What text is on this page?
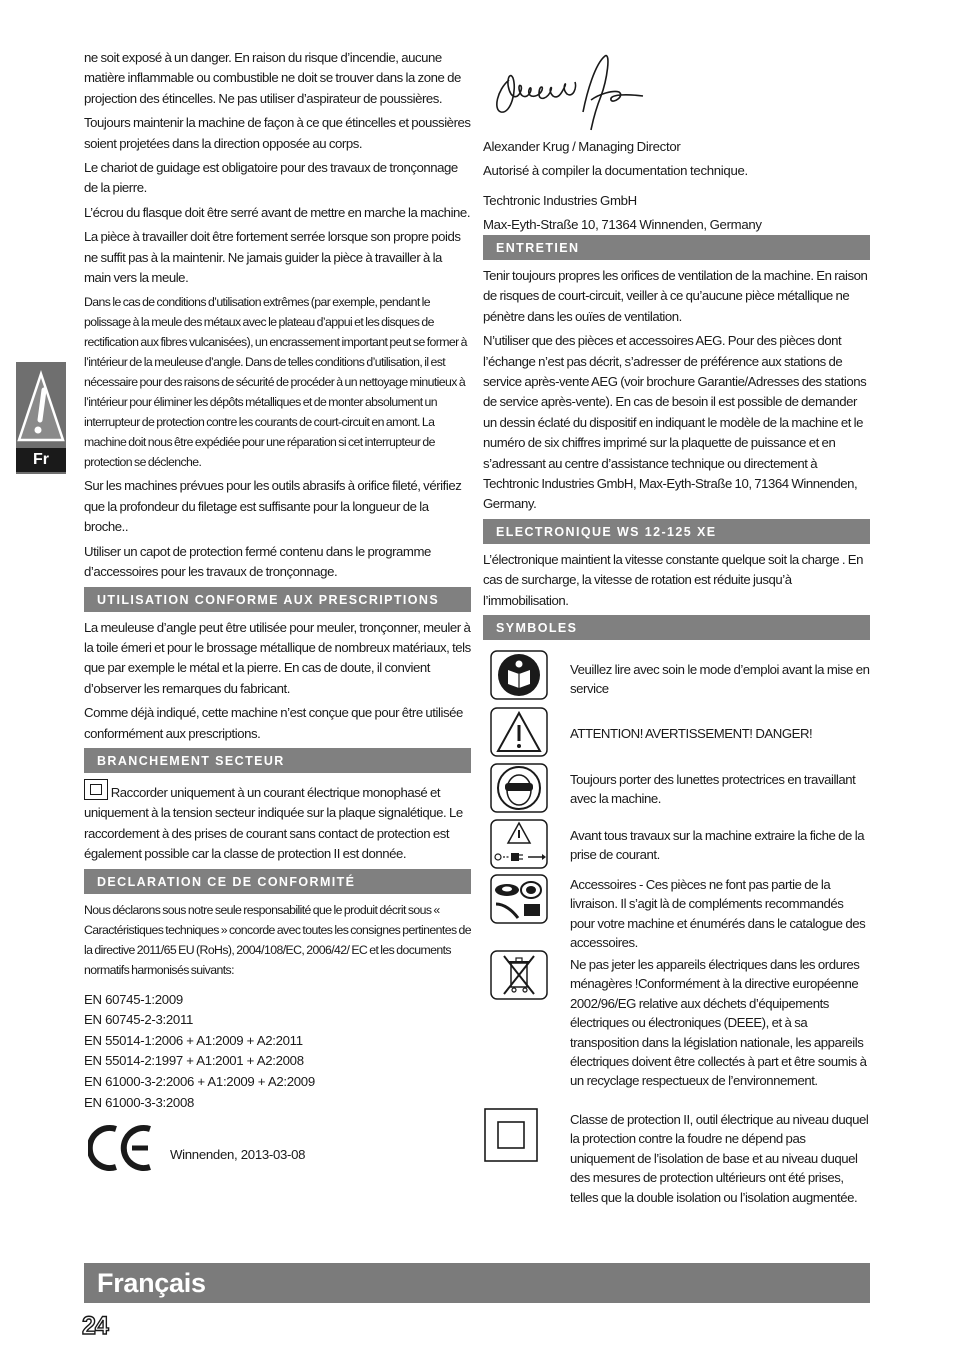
Fr

ne soit exposé à un danger. En raison du risque d’incendie, aucune matière inflammable ou combustible ne doit se trouver dans la zone de projection des étincelles. Ne pas utiliser d’aspirateur de poussières.

Toujours maintenir la machine de façon à ce que étincelles et poussières soient projetées dans la direction opposée au corps.

Le chariot de guidage est obligatoire pour des travaux de tronçonnage de la pierre.

L’écrou du flasque doit être serré avant de mettre en marche la machine.

La pièce à travailler doit être fortement serrée lorsque son propre poids ne suffit pas à la maintenir. Ne jamais guider la pièce à travailler à la main vers la meule.

Dans le cas de conditions d’utilisation extrêmes (par exemple, pendant le polissage à la meule des métaux avec le plateau d’appui et les disques de rectification aux fibres vulcanisées), un encrassement important peut se former à l’intérieur de la meuleuse d’angle. Dans de telles conditions d’utilisation, il est nécessaire pour des raisons de sécurité de procéder à un nettoyage minutieux à l’intérieur pour éliminer les dépôts métalliques et de monter absolument un interrupteur de protection contre les courants de court-circuit en amont. La machine doit nous être expédiée pour une réparation si cet interrupteur de protection se déclenche.

Sur les machines prévues pour les outils abrasifs à orifice fileté, vérifiez que la profondeur du filetage est suffisante pour la longueur de la broche..

Utiliser un capot de protection fermé contenu dans le programme d’accessoires pour les travaux de tronçonnage.

UTILISATION CONFORME AUX PRESCRIPTIONS

La meuleuse d’angle peut être utilisée pour meuler, tronçonner, meuler à la toile émeri et pour le brossage métallique de nombreux matériaux, tels que par exemple le métal et la pierre. En cas de doute, il convient d’observer les remarques du fabricant.

Comme déjà indiqué, cette machine n’est conçue que pour être utilisée conformément aux prescriptions.

BRANCHEMENT SECTEUR

Raccorder uniquement à un courant électrique monophasé et uniquement à la tension secteur indiquée sur la plaque signalétique. Le raccordement à des prises de courant sans contact de protection est également possible car la classe de protection II est donnée.

DECLARATION CE DE CONFORMITÉ

Nous déclarons sous notre seule responsabilité que le produit décrit sous « Caractéristiques techniques » concorde avec toutes les consignes pertinentes de la directive 2011/65 EU (RoHs), 2004/108/EC, 2006/42/ EC et les documents normatifs harmonisés suivants:

EN 60745-1:2009
EN 60745-2-3:2011
EN 55014-1:2006 + A1:2009 + A2:2011
EN 55014-2:1997 + A1:2001 + A2:2008
EN 61000-3-2:2006 + A1:2009 + A2:2009
EN 61000-3-3:2008
Winnenden, 2013-03-08

Alexander Krug / Managing Director

Autorisé à compiler la documentation technique.

Techtronic Industries GmbH

Max-Eyth-Straße 10, 71364 Winnenden, Germany

ENTRETIEN

Tenir toujours propres les orifices de ventilation de la machine. En raison de risques de court-circuit, veiller à ce qu’aucune pièce métallique ne pénètre dans les ouïes de ventilation.

N’utiliser que des pièces et accessoires AEG. Pour des pièces dont l’échange n’est pas décrit, s’adresser de préférence aux stations de service après-vente AEG (voir brochure Garantie/Adresses des stations de service après-vente). En cas de besoin il est possible de demander un dessin éclaté du dispositif en indiquant le modèle de la machine et le numéro de six chiffres imprimé sur la plaquette de puissance et en s’adressant au centre d’assistance technique ou directement à Techtronic Industries GmbH, Max-Eyth-Straße 10, 71364 Winnenden, Germany.

ELECTRONIQUE WS 12-125 XE

L’électronique maintient la vitesse constante quelque soit la charge . En cas de surcharge, la vitesse de rotation est réduite jusqu’à l’immobilisation.

SYMBOLES
Veuillez lire avec soin le mode d’emploi avant la mise en service
ATTENTION! AVERTISSEMENT! DANGER!
Toujours porter des lunettes protectrices en travaillant avec la machine.
Avant tous travaux sur la machine extraire la fiche de la prise de courant.
Accessoires - Ces pièces ne font pas partie de la livraison. Il s’agit là de compléments recommandés pour votre machine et énumérés dans le catalogue des accessoires.
Ne pas jeter les appareils électriques dans les ordures ménagères !Conformément à la directive européenne 2002/96/EG relative aux déchets d’équipements électriques ou électroniques (DEEE), et à sa transposition dans la législation nationale, les appareils électriques doivent être collectés à part et être soumis à un recyclage respectueux de l’environnement.
Classe de protection II, outil électrique au niveau duquel la protection contre la foudre ne dépend pas uniquement de l’isolation de base et au niveau duquel des mesures de protection ultérieurs ont été prises, telles que la double isolation ou l’isolation augmentée.
Français
24
